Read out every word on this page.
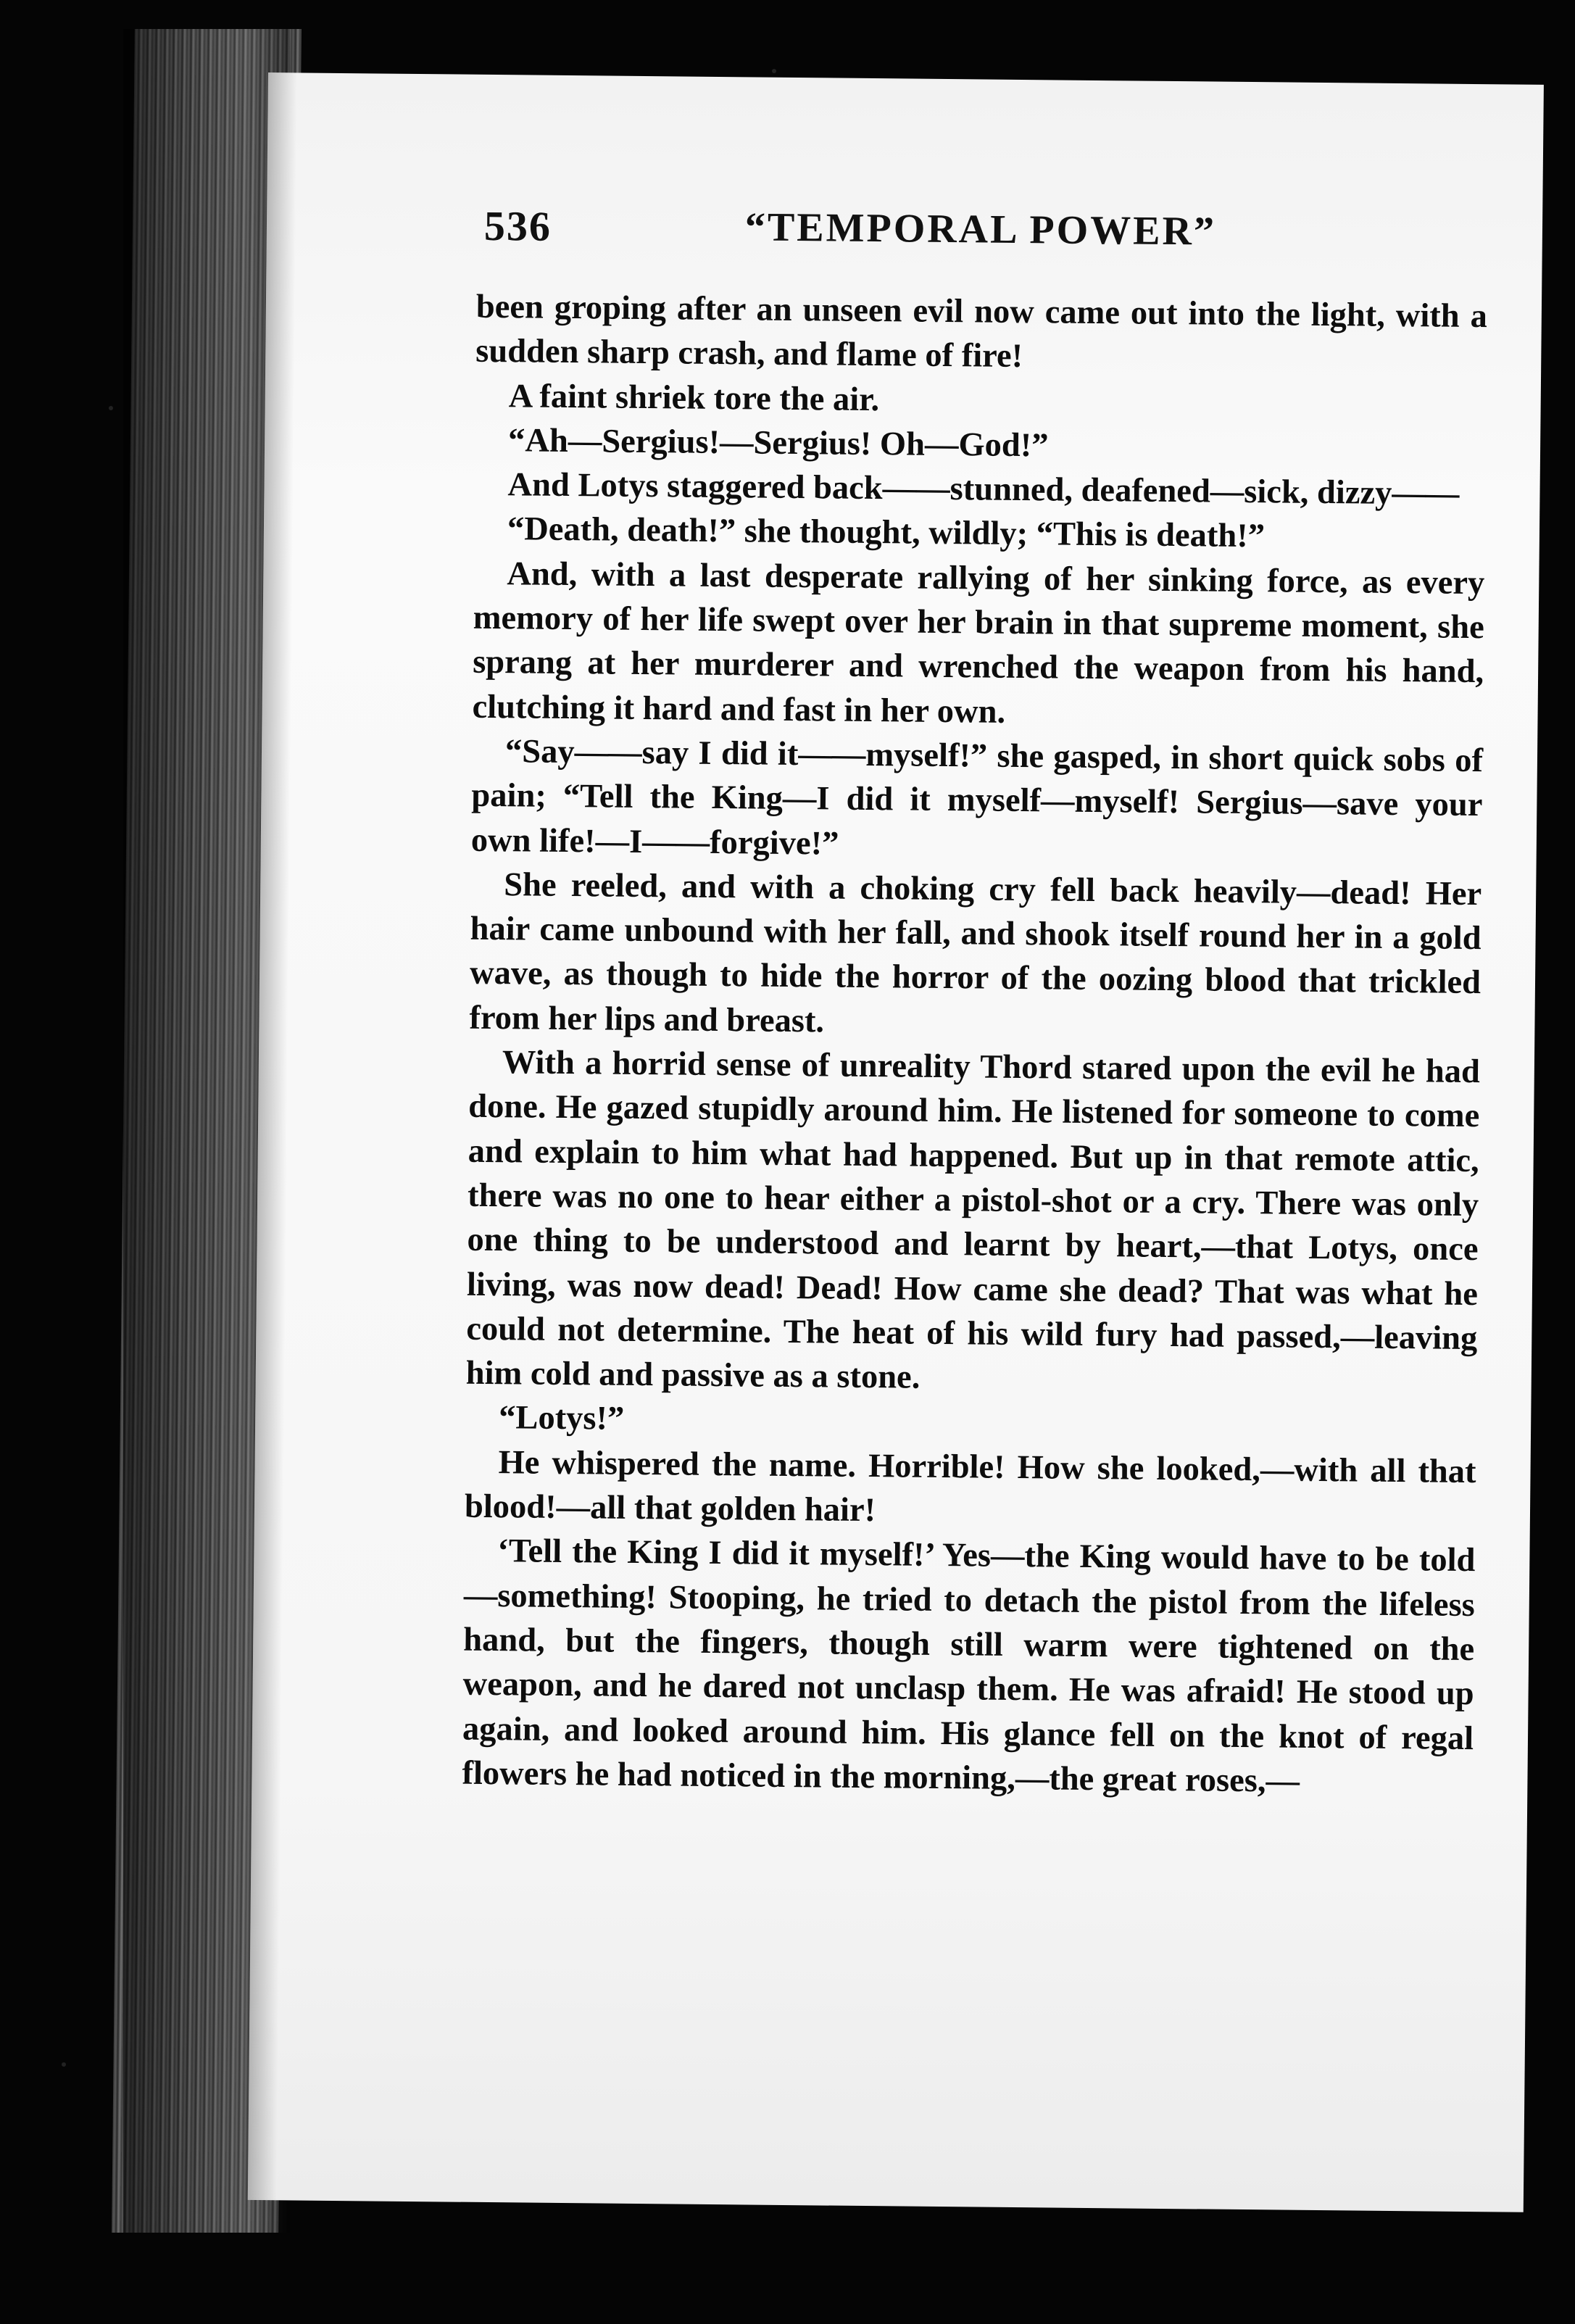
536	“TEMPORAL POWER”

been groping after an unseen evil now came out into the light, with a sudden sharp crash, and flame of fire!

A faint shriek tore the air.

“Ah—Sergius!—Sergius! Oh—God!”

And Lotys staggered back——stunned, deafened—sick, dizzy——

“Death, death!” she thought, wildly; “This is death!”

And, with a last desperate rallying of her sinking force, as every memory of her life swept over her brain in that supreme moment, she sprang at her murderer and wrenched the weapon from his hand, clutching it hard and fast in her own.

“Say——say I did it——myself!” she gasped, in short quick sobs of pain; “Tell the King—I did it myself—myself! Sergius—save your own life!—I——forgive!”

She reeled, and with a choking cry fell back heavily—dead! Her hair came unbound with her fall, and shook itself round her in a gold wave, as though to hide the horror of the oozing blood that trickled from her lips and breast.

With a horrid sense of unreality Thord stared upon the evil he had done. He gazed stupidly around him. He listened for someone to come and explain to him what had happened. But up in that remote attic, there was no one to hear either a pistol-shot or a cry. There was only one thing to be understood and learnt by heart,—that Lotys, once living, was now dead! Dead! How came she dead? That was what he could not determine. The heat of his wild fury had passed,—leaving him cold and passive as a stone.

“Lotys!”

He whispered the name. Horrible! How she looked,—with all that blood!—all that golden hair!

‘Tell the King I did it myself!’ Yes—the King would have to be told—something! Stooping, he tried to detach the pistol from the lifeless hand, but the fingers, though still warm were tightened on the weapon, and he dared not unclasp them. He was afraid! He stood up again, and looked around him. His glance fell on the knot of regal flowers he had noticed in the morning,—the great roses,—
